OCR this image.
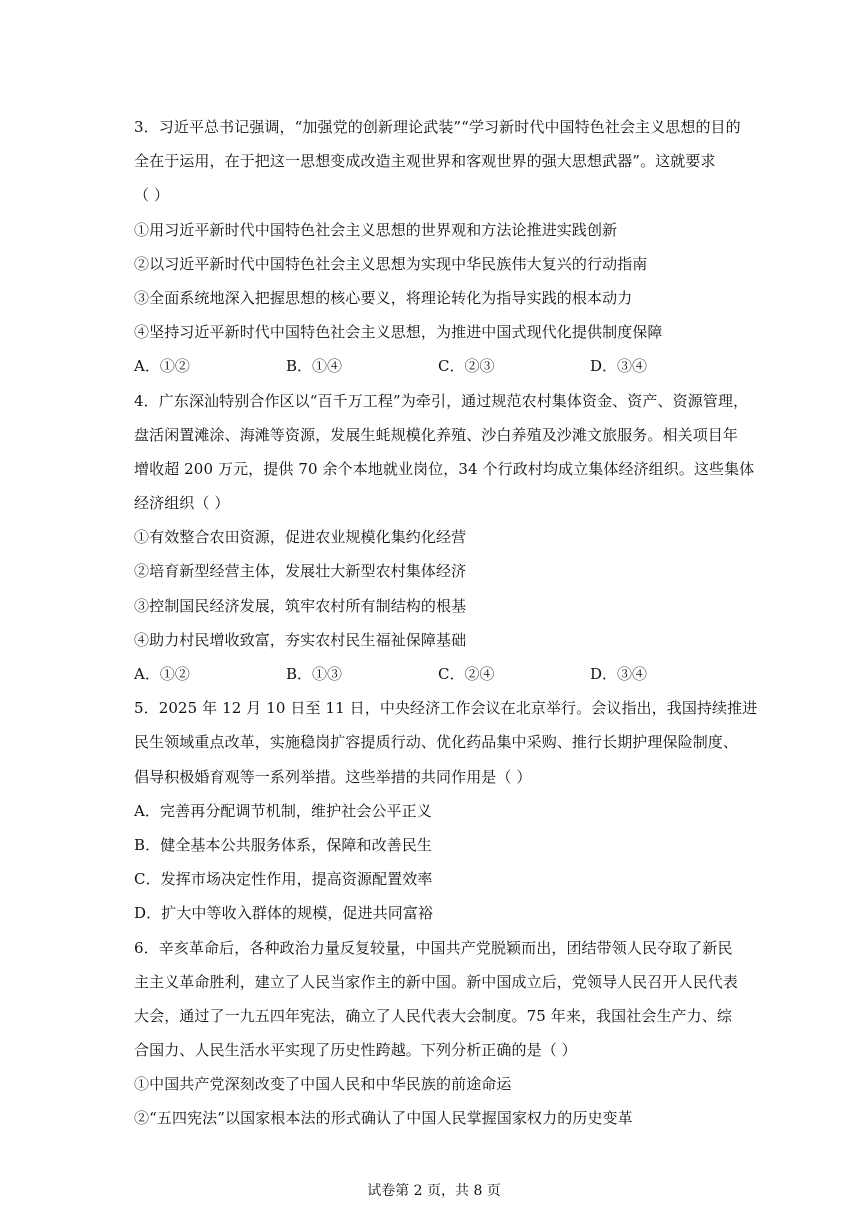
3．习近平总书记强调，“加强党的创新理论武装”“学习新时代中国特色社会主义思想的目的
全在于运用，在于把这一思想变成改造主观世界和客观世界的强大思想武器”。这就要求
（ ）
①用习近平新时代中国特色社会主义思想的世界观和方法论推进实践创新
②以习近平新时代中国特色社会主义思想为实现中华民族伟大复兴的行动指南
③全面系统地深入把握思想的核心要义，将理论转化为指导实践的根本动力
④坚持习近平新时代中国特色社会主义思想，为推进中国式现代化提供制度保障
A．①②	B．①④	C．②③	D．③④
4．广东深汕特别合作区以“百千万工程”为牵引，通过规范农村集体资金、资产、资源管理，
盘活闲置滩涂、海滩等资源，发展生蚝规模化养殖、沙白养殖及沙滩文旅服务。相关项目年
增收超 200 万元，提供 70 余个本地就业岗位，34 个行政村均成立集体经济组织。这些集体
经济组织（ ）
①有效整合农田资源，促进农业规模化集约化经营
②培育新型经营主体，发展壮大新型农村集体经济
③控制国民经济发展，筑牢农村所有制结构的根基
④助力村民增收致富，夯实农村民生福祉保障基础
A．①②	B．①③	C．②④	D．③④
5．2025 年 12 月 10 日至 11 日，中央经济工作会议在北京举行。会议指出，我国持续推进
民生领域重点改革，实施稳岗扩容提质行动、优化药品集中采购、推行长期护理保险制度、
倡导积极婚育观等一系列举措。这些举措的共同作用是（ ）
A．完善再分配调节机制，维护社会公平正义
B．健全基本公共服务体系，保障和改善民生
C．发挥市场决定性作用，提高资源配置效率
D．扩大中等收入群体的规模，促进共同富裕
6．辛亥革命后，各种政治力量反复较量，中国共产党脱颖而出，团结带领人民夺取了新民
主主义革命胜利，建立了人民当家作主的新中国。新中国成立后，党领导人民召开人民代表
大会，通过了一九五四年宪法，确立了人民代表大会制度。75 年来，我国社会生产力、综
合国力、人民生活水平实现了历史性跨越。下列分析正确的是（ ）
①中国共产党深刻改变了中国人民和中华民族的前途命运
②“五四宪法”以国家根本法的形式确认了中国人民掌握国家权力的历史变革
试卷第 2 页，共 8 页
